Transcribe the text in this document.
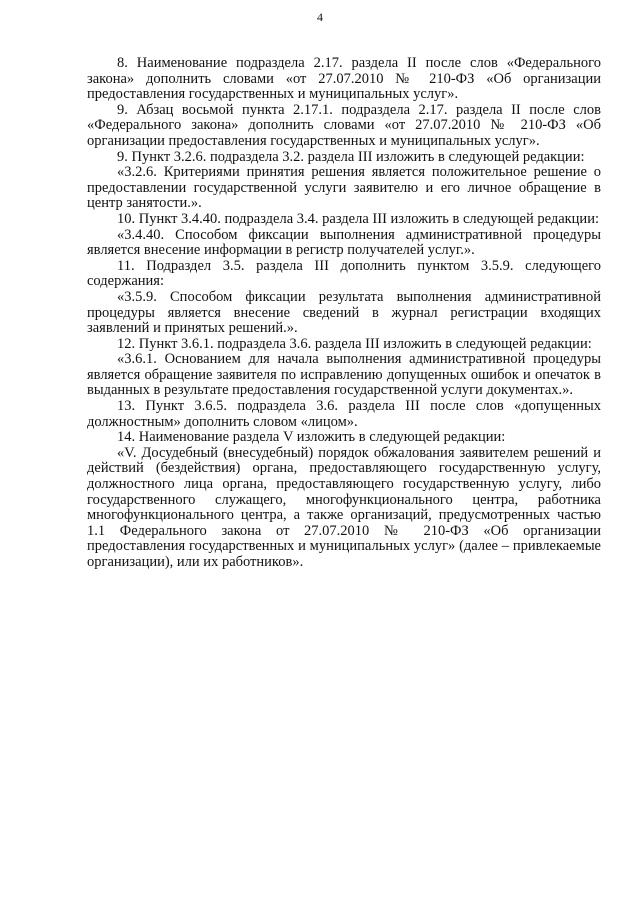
4

8. Наименование подраздела 2.17. раздела II после слов «Федерального закона» дополнить словами «от 27.07.2010 № 210-ФЗ «Об организации предоставления государственных и муниципальных услуг».

9. Абзац восьмой пункта 2.17.1. подраздела 2.17. раздела II после слов «Федерального закона» дополнить словами «от 27.07.2010 № 210-ФЗ «Об организации предоставления государственных и муниципальных услуг».

9. Пункт 3.2.6. подраздела 3.2. раздела III изложить в следующей редакции:

«3.2.6. Критериями принятия решения является положительное решение о предоставлении государственной услуги заявителю и его личное обращение в центр занятости.».

10. Пункт 3.4.40. подраздела 3.4. раздела III изложить в следующей редакции:

«3.4.40. Способом фиксации выполнения административной процедуры является внесение информации в регистр получателей услуг.».

11. Подраздел 3.5. раздела III дополнить пунктом 3.5.9. следующего содержания:

«3.5.9. Способом фиксации результата выполнения административной процедуры является внесение сведений в журнал регистрации входящих заявлений и принятых решений.».

12. Пункт 3.6.1. подраздела 3.6. раздела III изложить в следующей редакции:

«3.6.1. Основанием для начала выполнения административной процедуры является обращение заявителя по исправлению допущенных ошибок и опечаток в выданных в результате предоставления государственной услуги документах.».

13. Пункт 3.6.5. подраздела 3.6. раздела III после слов «допущенных должностным» дополнить словом «лицом».

14. Наименование раздела V изложить в следующей редакции:

«V. Досудебный (внесудебный) порядок обжалования заявителем решений и действий (бездействия) органа, предоставляющего государственную услугу, должностного лица органа, предоставляющего государственную услугу, либо государственного служащего, многофункционального центра, работника многофункционального центра, а также организаций, предусмотренных частью 1.1 Федерального закона от 27.07.2010 № 210-ФЗ «Об организации предоставления государственных и муниципальных услуг» (далее – привлекаемые организации), или их работников».
